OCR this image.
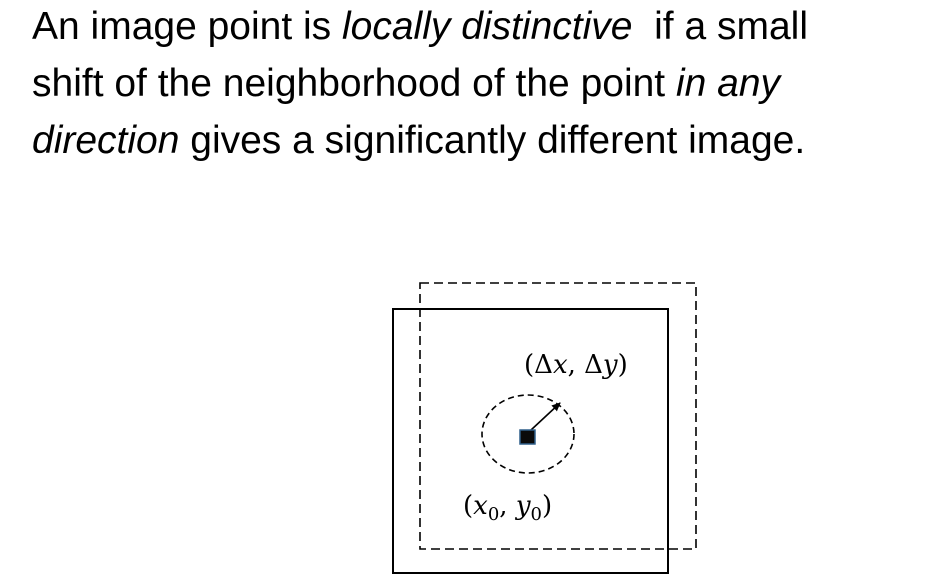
An image point is locally distinctive  if a small
shift of the neighborhood of the point in any
direction gives a significantly different image.
(Δx, Δy)
($x_0$, $y_0$)
